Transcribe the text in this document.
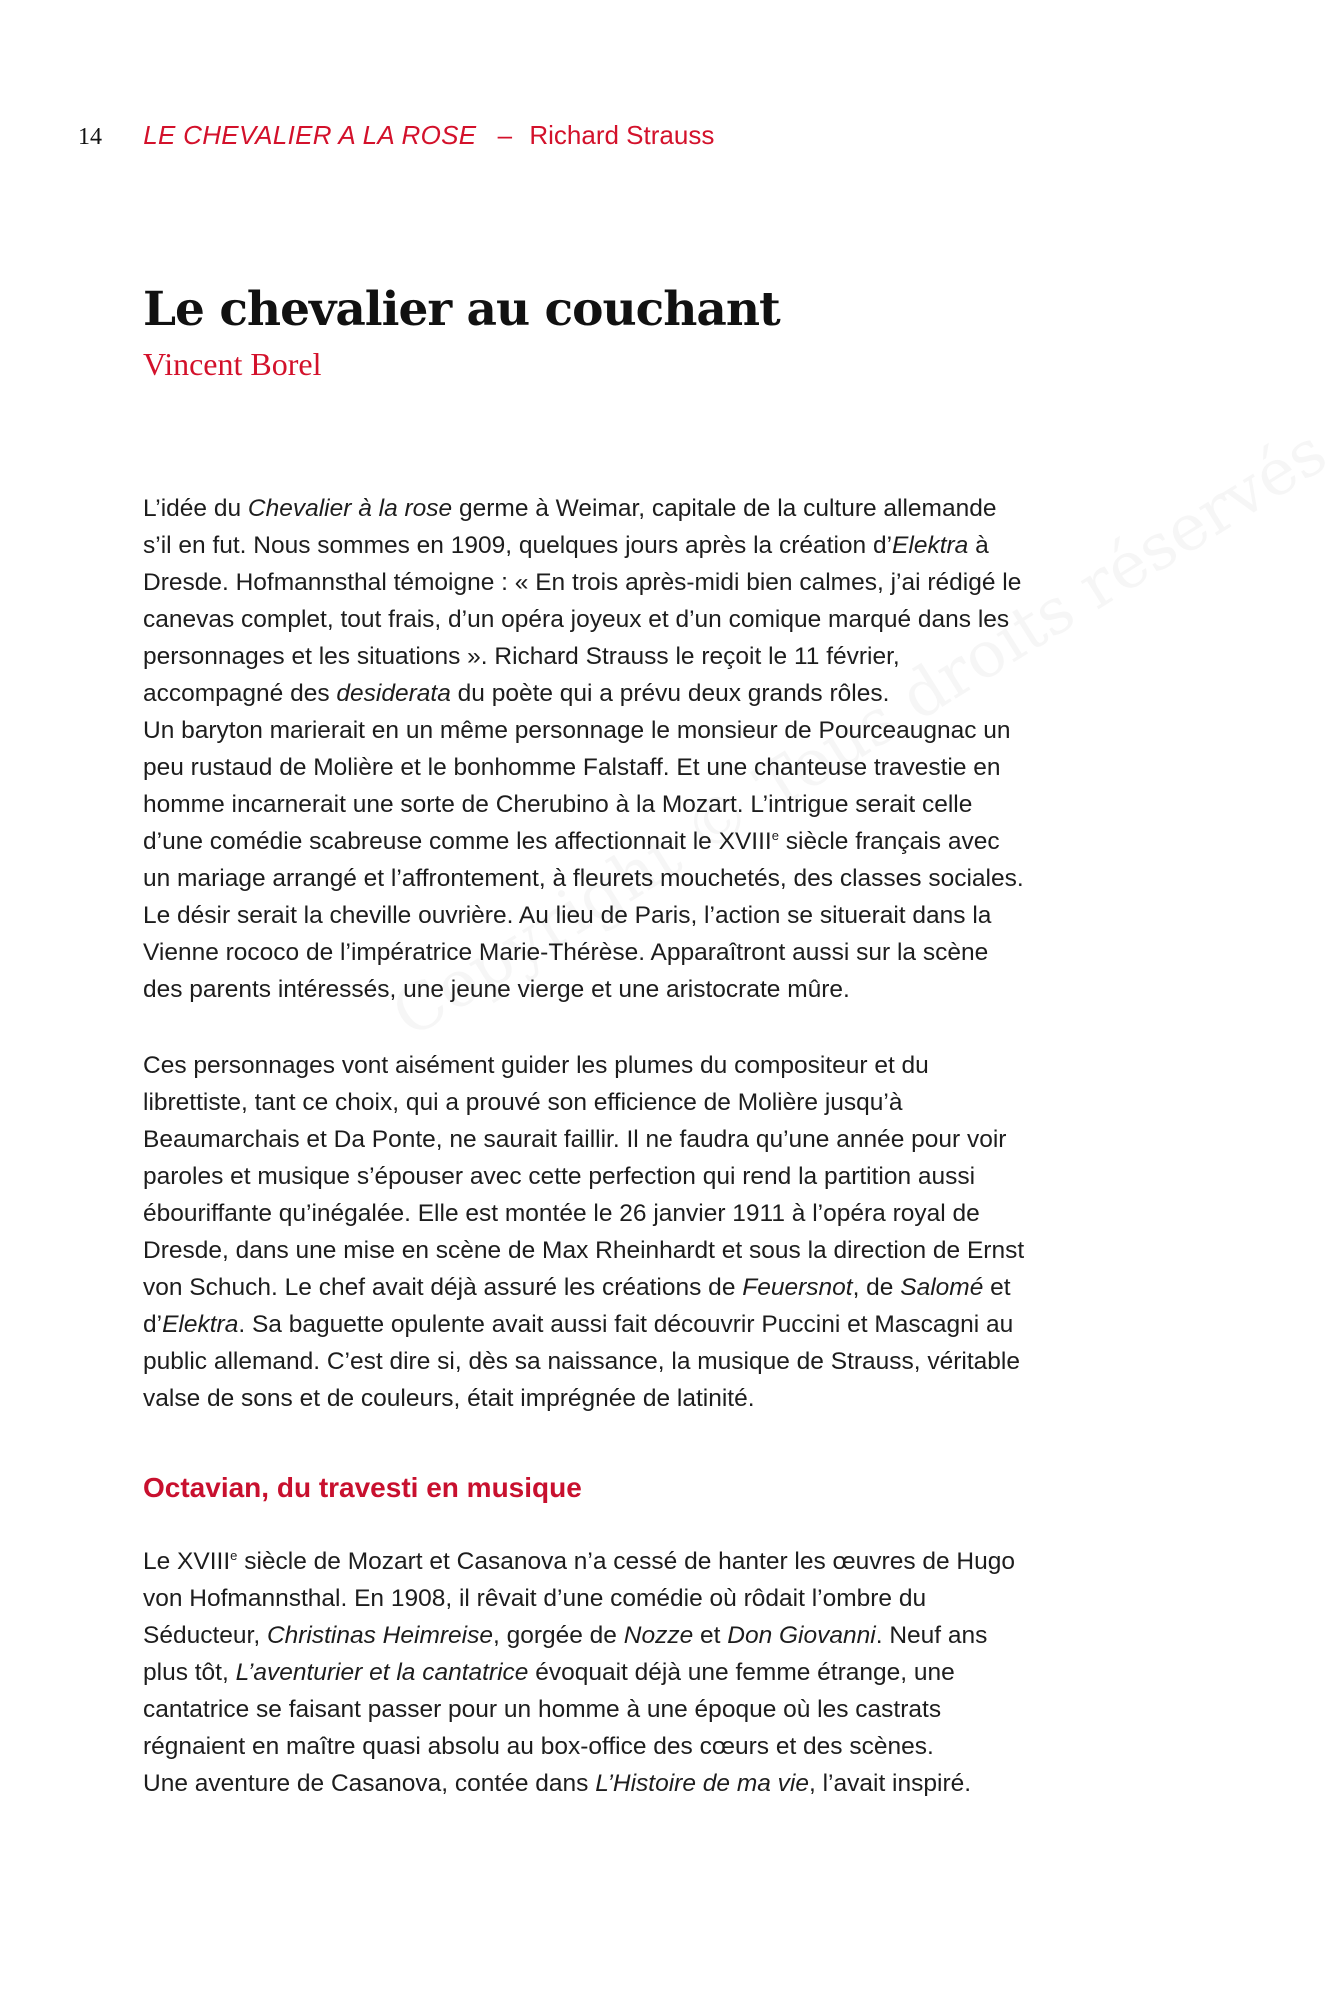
14 LE CHEVALIER A LA ROSE – Richard Strauss
Le chevalier au couchant
Vincent Borel
L’idée du Chevalier à la rose germe à Weimar, capitale de la culture allemande
s’il en fut. Nous sommes en 1909, quelques jours après la création d’Elektra à
Dresde. Hofmannsthal témoigne : « En trois après-midi bien calmes, j’ai rédigé le
canevas complet, tout frais, d’un opéra joyeux et d’un comique marqué dans les
personnages et les situations ». Richard Strauss le reçoit le 11 février,
accompagné des desiderata du poète qui a prévu deux grands rôles.
Un baryton marierait en un même personnage le monsieur de Pourceaugnac un
peu rustaud de Molière et le bonhomme Falstaff. Et une chanteuse travestie en
homme incarnerait une sorte de Cherubino à la Mozart. L’intrigue serait celle
d’une comédie scabreuse comme les affectionnait le XVIIIe siècle français avec
un mariage arrangé et l’affrontement, à fleurets mouchetés, des classes sociales.
Le désir serait la cheville ouvrière. Au lieu de Paris, l’action se situerait dans la
Vienne rococo de l’impératrice Marie-Thérèse. Apparaîtront aussi sur la scène
des parents intéressés, une jeune vierge et une aristocrate mûre.
Ces personnages vont aisément guider les plumes du compositeur et du
librettiste, tant ce choix, qui a prouvé son efficience de Molière jusqu’à
Beaumarchais et Da Ponte, ne saurait faillir. Il ne faudra qu’une année pour voir
paroles et musique s’épouser avec cette perfection qui rend la partition aussi
ébouriffante qu’inégalée. Elle est montée le 26 janvier 1911 à l’opéra royal de
Dresde, dans une mise en scène de Max Rheinhardt et sous la direction de Ernst
von Schuch. Le chef avait déjà assuré les créations de Feuersnot, de Salomé et
d’Elektra. Sa baguette opulente avait aussi fait découvrir Puccini et Mascagni au
public allemand. C’est dire si, dès sa naissance, la musique de Strauss, véritable
valse de sons et de couleurs, était imprégnée de latinité.
Octavian, du travesti en musique
Le XVIIIe siècle de Mozart et Casanova n’a cessé de hanter les œuvres de Hugo
von Hofmannsthal. En 1908, il rêvait d’une comédie où rôdait l’ombre du
Séducteur, Christinas Heimreise, gorgée de Nozze et Don Giovanni. Neuf ans
plus tôt, L’aventurier et la cantatrice évoquait déjà une femme étrange, une
cantatrice se faisant passer pour un homme à une époque où les castrats
régnaient en maître quasi absolu au box-office des cœurs et des scènes.
Une aventure de Casanova, contée dans L’Histoire de ma vie, l’avait inspiré.
